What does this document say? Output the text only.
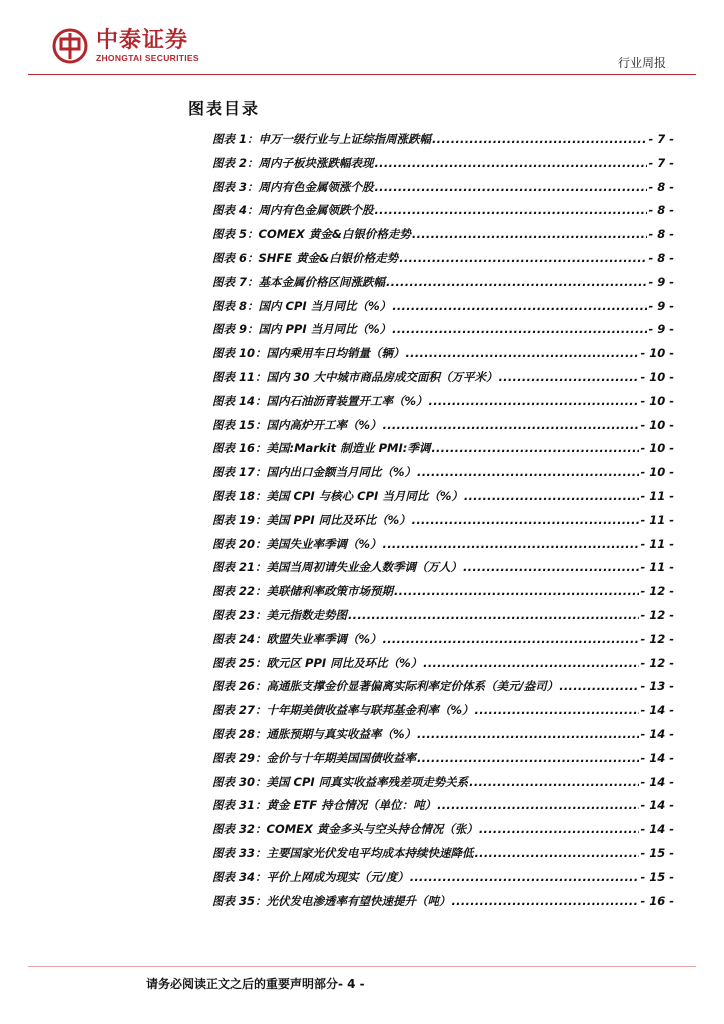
中泰证券
ZHONGTAI SECURITIES	行业周报
图表目录
图表 1：申万一级行业与上证综指周涨跌幅 .....	- 7 -
图表 2：周内子板块涨跌幅表现 .....	- 7 -
图表 3：周内有色金属领涨个股 .....	- 8 -
图表 4：周内有色金属领跌个股 .....	- 8 -
图表 5：COMEX 黄金&白银价格走势 .....	- 8 -
图表 6：SHFE 黄金&白银价格走势 .....	- 8 -
图表 7：基本金属价格区间涨跌幅 .....	- 9 -
图表 8：国内 CPI 当月同比（%） .....	- 9 -
图表 9：国内 PPI 当月同比（%） .....	- 9 -
图表 10：国内乘用车日均销量（辆） .....	- 10 -
图表 11：国内 30 大中城市商品房成交面积（万平米） .....	- 10 -
图表 14：国内石油沥青装置开工率（%） .....	- 10 -
图表 15：国内高炉开工率（%） .....	- 10 -
图表 16：美国:Markit 制造业 PMI:季调 .....	- 10 -
图表 17：国内出口金额当月同比（%） .....	- 10 -
图表 18：美国 CPI 与核心 CPI 当月同比（%） .....	- 11 -
图表 19：美国 PPI 同比及环比（%） .....	- 11 -
图表 20：美国失业率季调（%） .....	- 11 -
图表 21：美国当周初请失业金人数季调（万人） .....	- 11 -
图表 22：美联储利率政策市场预期 .....	- 12 -
图表 23：美元指数走势图 .....	- 12 -
图表 24：欧盟失业率季调（%） .....	- 12 -
图表 25：欧元区 PPI 同比及环比（%） .....	- 12 -
图表 26：高通胀支撑金价显著偏离实际利率定价体系（美元/盎司） .....	- 13 -
图表 27：十年期美债收益率与联邦基金利率（%） .....	- 14 -
图表 28：通胀预期与真实收益率（%） .....	- 14 -
图表 29：金价与十年期美国国债收益率 .....	- 14 -
图表 30：美国 CPI 同真实收益率残差项走势关系 .....	- 14 -
图表 31：黄金 ETF 持仓情况（单位：吨） .....	- 14 -
图表 32：COMEX 黄金多头与空头持仓情况（张） .....	- 14 -
图表 33：主要国家光伏发电平均成本持续快速降低 .....	- 15 -
图表 34：平价上网成为现实（元/度） .....	- 15 -
图表 35：光伏发电渗透率有望快速提升（吨） .....	- 16 -
请务必阅读正文之后的重要声明部分- 4 -
